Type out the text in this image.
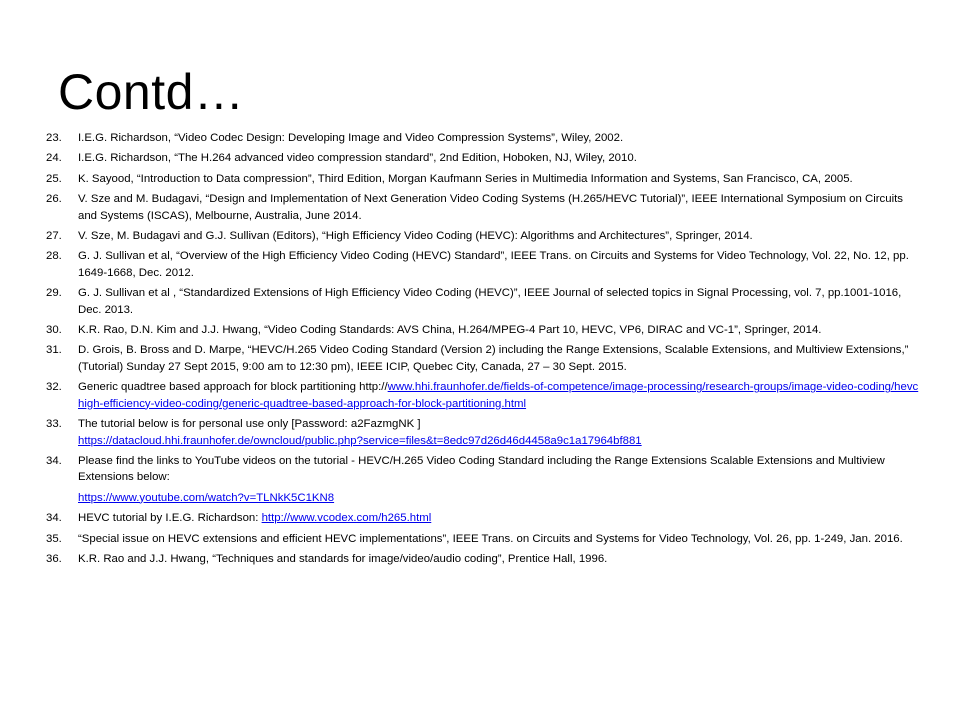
Contd…
23. I.E.G. Richardson, “Video Codec Design: Developing Image and Video Compression Systems”, Wiley, 2002.
24. I.E.G. Richardson, “The H.264 advanced video compression standard”, 2nd Edition, Hoboken, NJ, Wiley, 2010.
25. K. Sayood, “Introduction to Data compression”, Third Edition, Morgan Kaufmann Series in Multimedia Information and Systems, San Francisco, CA, 2005.
26. V. Sze and M. Budagavi, “Design and Implementation of Next Generation Video Coding Systems (H.265/HEVC Tutorial)”, IEEE International Symposium on Circuits and Systems (ISCAS), Melbourne, Australia, June 2014.
27. V. Sze, M. Budagavi and G.J. Sullivan (Editors), “High Efficiency Video Coding (HEVC): Algorithms and Architectures”, Springer, 2014.
28. G. J. Sullivan et al, “Overview of the High Efficiency Video Coding (HEVC) Standard”, IEEE Trans. on Circuits and Systems for Video Technology, Vol. 22, No. 12, pp. 1649-1668, Dec. 2012.
29. G. J. Sullivan et al , “Standardized Extensions of High Efficiency Video Coding (HEVC)”, IEEE Journal of selected topics in Signal Processing, vol. 7, pp.1001-1016, Dec. 2013.
30. K.R. Rao, D.N. Kim and J.J. Hwang, “Video Coding Standards: AVS China, H.264/MPEG-4 Part 10, HEVC, VP6, DIRAC and VC-1”, Springer, 2014.
31. D. Grois, B. Bross and D. Marpe, “HEVC/H.265 Video Coding Standard (Version 2) including the Range Extensions, Scalable Extensions, and Multiview Extensions,” (Tutorial) Sunday 27 Sept 2015, 9:00 am to 12:30 pm), IEEE ICIP, Quebec City, Canada, 27 – 30 Sept. 2015.
32. Generic quadtree based approach for block partitioning http://www.hhi.fraunhofer.de/fields-of-competence/image-processing/research-groups/image-video-coding/hevchigh-efficiency-video-coding/generic-quadtree-based-approach-for-block-partitioning.html
33. The tutorial below is for personal use only [Password: a2FazmgNK ]
https://datacloud.hhi.fraunhofer.de/owncloud/public.php?service=files&t=8edc97d26d46d4458a9c1a17964bf881
34. Please find the links to YouTube videos on the tutorial - HEVC/H.265 Video Coding Standard including the Range Extensions Scalable Extensions and Multiview Extensions below:
https://www.youtube.com/watch?v=TLNkK5C1KN8
34. HEVC tutorial by I.E.G. Richardson: http://www.vcodex.com/h265.html
35. “Special issue on HEVC extensions and efficient HEVC implementations”, IEEE Trans. on Circuits and Systems for Video Technology, Vol. 26, pp. 1-249, Jan. 2016.
36. K.R. Rao and J.J. Hwang, “Techniques and standards for image/video/audio coding”, Prentice Hall, 1996.
